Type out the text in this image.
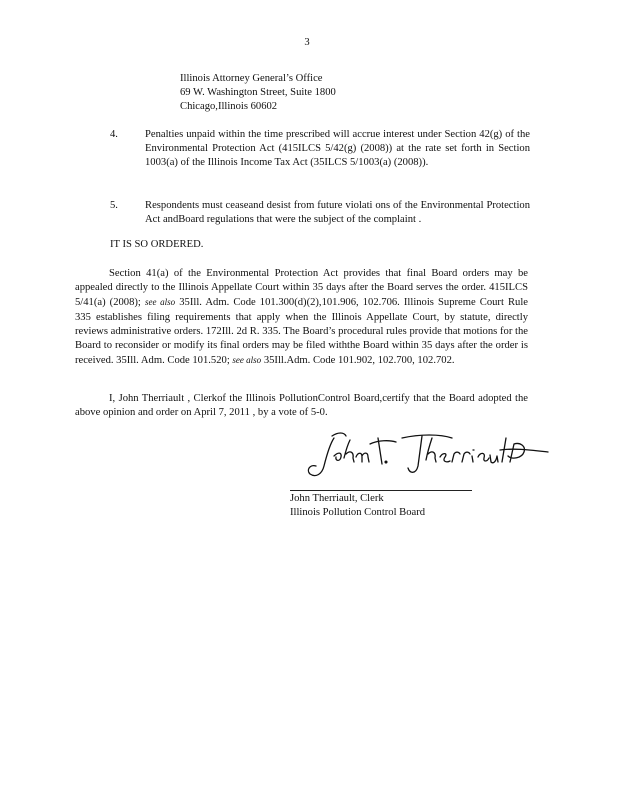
3
Illinois Attorney General’s Office
69 W. Washington Street, Suite 1800
Chicago,Illinois 60602
4.	Penalties unpaid within the time prescribed will accrue interest under Section 42(g) of the Environmental Protection Act (415ILCS 5/42(g) (2008)) at the rate set forth in Section 1003(a) of the Illinois Income Tax Act (35ILCS 5/1003(a) (2008)).
5.	Respondents must ceaseand desist from future violati ons of the Environmental Protection Act andBoard regulations that were the subject of the complaint .
IT IS SO ORDERED.
Section 41(a) of the Environmental Protection Act provides that final Board orders may be appealed directly to the Illinois Appellate Court within 35 days after the Board serves the order. 415ILCS 5/41(a) (2008); see also 35Ill. Adm. Code 101.300(d)(2),101.906, 102.706. Illinois Supreme Court Rule 335 establishes filing requirements that apply when the Illinois Appellate Court, by statute, directly reviews administrative orders. 172Ill. 2d R. 335. The Board’s procedural rules provide that motions for the Board to reconsider or modify its final orders may be filed withthe Board within 35 days after the order is received. 35Ill. Adm. Code 101.520; see also 35Ill.Adm. Code 101.902, 102.700, 102.702.
I, John Therriault , Clerkof the Illinois PollutionControl Board,certify that the Board adopted the above opinion and order on April 7, 2011 , by a vote of 5-0.
John Therriault, Clerk
Illinois Pollution Control Board
